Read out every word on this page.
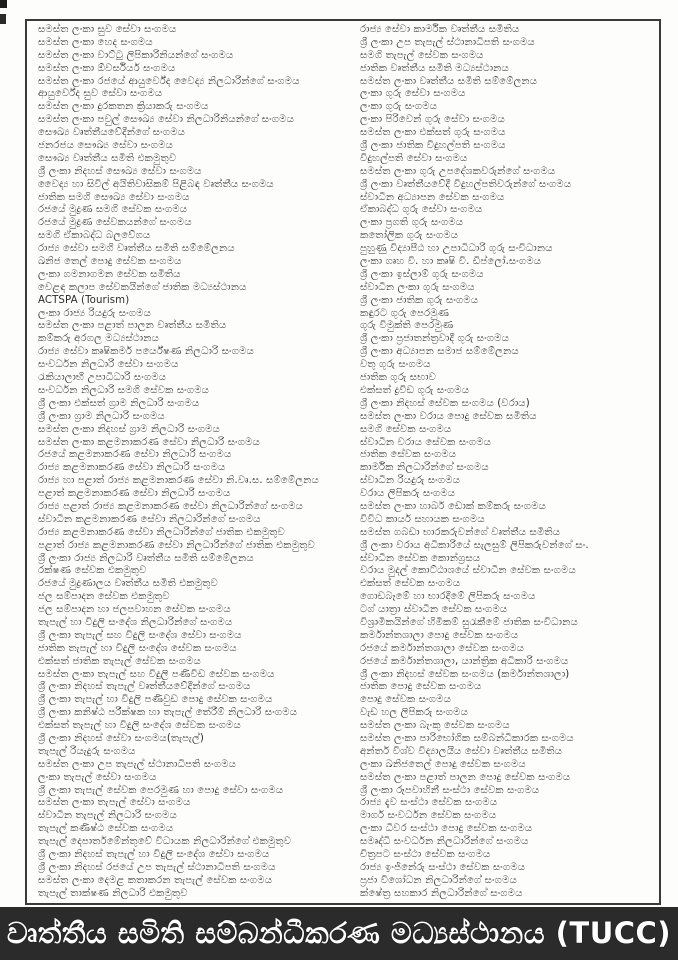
සමස්ත ලංකා සුව සේවා සංගමය
සමස්ත ලංකා හෙද සංගමය
සමස්ත ලංකා වාට්ටු ලිපිකාරිනියන්ගේ සංගමය
සමස්ත ලංකා ඕවර්සියර් සංගමය
සමස්ත ලංකා රජයේ ආයුර්වේද වෛද්‍ය නිලධාරින්ගේ සංගමය
ආයුර්වේද සුව සේවා සංගමය
සමස්ත ලංකා දුරකතන ක්‍රියාකරු සංගමය
සමස්ත ලංකා පවුල් සෞඛ්‍ය සේවා නිලධාරිනියන්ගේ සංගමය
සෞඛ්‍ය වෘත්තීයවේදීන්ගේ සංගමය
ජනරජය සෞඛ්‍ය සේවා සංගමය
සෞඛ්‍ය වෘත්තීය සමිති එකමුතුව
ශ්‍රී ලංකා නිදහස් සෞඛ්‍ය සේවා සංගමය
වෛද්‍ය හා සිවිල් අයිතිවාසිකම් පිළිබඳ වෘත්තීය සංගමය
ජාතික සමගි සෞඛ්‍ය සේවා සංගමය
රජයේ මුද්‍රණ සමගි සේවක සංගමය
රජයේ මුද්‍රණ සේවකයන්ගේ සංගමය
සමගි ඒකාබද්ධ බලවේගය
රාජ්‍ය සේවා සමගි වෘත්තීය සමිති සම්මේලනය
ඛනිජ තෙල් පොදු සේවක සංගමය
ලංකා ගමනාගමන සේවක සමිතිය
වෙළඳ කලාප සේවකයින්ගේ ජාතික මධ්‍යස්ථානය
ACTSPA (Tourism)
ලංකා රාජ්‍ය රියදුරු සංගමය
සමස්ත ලංකා පළාත් පාලන වෘත්තීය සමිතිය
කම්කරු අරගල මධ්‍යස්ථානය
රාජ්‍ය සේවා කෘෂිකර්ම පර්යේෂණ නිලධාරි සංගමය
සංවර්ධන නිලධාරි සේවා සංගමය
රැකියාලාභී උපාධිධාරි සංගමය
සංවර්ධන නිලධාරි සමගි සේවක සංගමය
ශ්‍රී ලංකා එක්සත් ග්‍රාම නිලධාරි සංගමය
ශ්‍රී ලංකා ග්‍රාම නිලධාරි සංගමය
සමස්ත ලංකා නිදහස් ග්‍රාම නිලධාරි සංගමය
සමස්ත ලංකා කළමනාකරණ සේවා නිලධාරි සංගමය
රජයේ කළමනාකරණ සේවා නිලධාරි සංගමය
රාජ්‍ය කළමනාකරණ සේවා නිලධාරි සංගමය
රාජ්‍ය හා පළාත් රාජ්‍ය කළමනාකරණ සේවා නි.වෘ.ස. සම්මේලනය
පළාත් කළමනාකරණ සේවා නිලධාරි සංගමය
රාජ්‍ය පළාත් රාජ්‍ය කළමනාකරණ සේවා නිලධාරින්ගේ සංගමය
ස්වාධීන කළමනාකරණ සේවා නිලධාරින්ගේ සංගමය
රාජ්‍ය කළමනාකරණ සේවා නිලධාරින්ගේ ජාතික එකමුතුව
පළාත් රාජ්‍ය කළමනාකරණ සේවා නිලධාරින්ගේ ජාතික එකමුතුව
ශ්‍රී ලංකා රාජ්‍ය නිලධාරි වෘත්තීය සමිති සම්මේලනය
රක්ෂණ සේවක එකමුතුව
රජයේ මුද්‍රණාලය වෘත්තීය සමිති එකමුතුව
ජල සම්පාදන සේවක එකමුතුව
ජල සම්පාදන හා ජලපවාහන සේවක සංගමය
තැපැල් හා විදුලි සංදේශ නිලධාරින්ගේ සංගමය
ශ්‍රී ලංකා තැපැල් සහ විදුලි සංදේශ සේවා සංගමය
ජාතික තැපැල් හා විදුලි සංදේශ සේවක සංගමය
එක්සත් ජාතික තැපැල් සේවක සංගමය
සමස්ත ලංකා තැපැල් සහ විදුලි පණිවිඩ සේවක සංගමය
ශ්‍රී ලංකා නිදහස් තැපැල් වෘත්තීයවේදීන්ගේ සංගමය
ශ්‍රී ලංකා තැපැල් හා විදුලි පණිවුඩ පොදු සේවක සංගමය
ශ්‍රී ලංකා කනිෂ්ඨ පරීක්ෂක හා තැපැල් තේරීම් නිලධාරි සංගමය
එක්සත් තැපැල් හා විදුලි සංදේශ සේවක සංගමය
ශ්‍රී ලංකා නිදහස් සේවා සංගමය(තැපැල්)
තැපැල් රියැදුරු සංගමය
සමස්ත ලංකා උප තැපැල් ස්ථානාධිපති සංගමය
ලංකා තැපැල් සේවා සංගමය
ශ්‍රී ලංකා තැපැල් සේවක පෙරමුණ හා පොදු සේවා සංගමය
සමස්ත ලංකා තැපැල් සේවා සංගමය
ස්වාධීන තැපැල් නිලධාරි සංගමය
තැපැල් කණිෂ්ඨ සේවක සංගමය
තැපැල් දෙපාර්තමේන්තුවේ විධායක නිලධාරින්ගේ එකමුතුව
ශ්‍රී ලංකා නිදහස් තැපැල් හා විදුලි සංදේශ සේවා සංගමය
ශ්‍රී ලංකා නිදහස් රජයේ උප තැපැල් ස්ථානාධිපති සංගමය
සමස්ත ලංකා දෙමළ කතාකරන තැපැල් සේවක සංගමය
තැපැල් තාක්ෂණ නිලධාරි එකමුතුව
රාජ්‍ය සේවා කාර්මික වෘත්තීය සමිතිය
ශ්‍රී ලංකා උප තැපැල් ස්ථානාධිපති සංගමය
සමගි තැපැල් සේවක සංගමය
ජාතික වෘත්තීය සමිති මධ්‍යස්ථානය
සමස්ත ලංකා වෘත්තීය සමිති සම්මේලනය
ලංකා ගුරු සේවා සංගමය
ලංකා ගුරු සංගමය
ලංකා පිරිවෙන් ගුරු සේවා සංගමය
සමස්ත ලංකා එක්සත් ගුරු සංගමය
ශ්‍රී ලංකා ජාතික විදුහල්පති සංගමය
විදුහල්පති සේවා සංගමය
සමස්ත ලංකා ගුරු උපදේශකවරුන්ගේ සංගමය
ශ්‍රී ලංකා වෘත්තීයවේදී විදුහල්පතිවරුන්ගේ සංගමය
ස්වාධීන අධ්‍යාපන සේවක සංගමය
ඒකාබද්ධ ගුරු සේවා සංගමය
ලංකා ප්‍රගති ගුරු සංගමය
කතෝලික ගුරු සංගමය
පුහුණු විද්‍යාපීඨ හා උපාධිධාරි ගුරු සංවිධානය
ලංකා ගෘහ වි. හා කෘෂි වි. ඩිප්ලෝ.සංගමය
ශ්‍රී ලංකා ඉස්ලාම් ගුරු සංගමය
ස්වාධීන ලංකා ගුරු සංගමය
ශ්‍රී ලංකා ජාතික ගුරු සංගමය
කඳුරට ගුරු පෙරමුණ
ගුරු විමුක්ති පෙරමුණ
ශ්‍රී ලංකා ප්‍රජාතන්ත්‍රවාදී ගුරු සංගමය
ශ්‍රී ලංකා අධ්‍යාපන සමාජ සම්මේලනය
වතු ගුරු සංගමය
ජාතික ගුරු සභාව
එක්සත් ද්‍රවිඩ ගුරු සංගමය
ශ්‍රී ලංකා නිදහස් සේවක සංගමය (වරාය)
සමස්ත ලංකා වරාය පොදු සේවක සමිතිය
සමගි සේවක සංගමය
ස්වාධීන වරාය සේවක සංගමය
ජාතික සේවක සංගමය
කාර්මික නිලධාරින්ගේ සංගමය
ස්වාධීන රියදුරු සංගමය
වරාය ලිපිකරු සංගමය
සමස්ත ලංකා හාබර් ඩොක් කම්කරු සංගමය
විවිධ කාර්ය සහායක සංගමය
සමස්ත ගබඩා භාරකරුවන්ගේ වෘත්තීය සමිතිය
ශ්‍රී ලංකා වරාය අධිකාරියේ සැලසුම් ලිපිකරුවන්ගේ සං.
ස්වාධීන සේවක කොන්ග්‍රසය
වරාය මුදල් කොට්ඨාශයේ ස්වාධීන සේවක සංගමය
එක්සත් සේවක සංගමය
ගොඩබෑමේ හා භාරදීමේ ලිපිකරු සංගමය
ටග් යාත්‍රා ස්වාධීන සේවක සංගමය
විශ්‍රාමිකයින්ගේ හිමිකම් සුරැකීමේ ජාතික සංවිධානය
කර්මාන්තශාලා පොදු සේවක සංගමය
රජයේ කර්මාන්තශාලා සේවක සංගමය
රජයේ කර්මාන්තශාලා, යාන්ත්‍රික අධිකාරි සංගමය
ශ්‍රී ලංකා නිදහස් සේවක සංගමය (කර්මාන්තශාලා)
ජාතික පොදු සේවක සංගමය
පොදු සේවක සංගමය
වැඩ හල ලිපිකරු සංගමය
සමස්ත ලංකා බැංකු සේවක සංගමය
සමස්ත ලංකා පාරිභෝගික සම්බන්ධීකාරක සංගමය
අන්තර් විශ්ව විද්‍යාලයීය සේවා වෘත්තීය සමිතිය
ලංකා ඛනිජතෙල් පොදු සේවක සංගමය
සමස්ත ලංකා පළාත් පාලන පොදු සේවක සංගමය
ශ්‍රී ලංකා රූපවාහිනී සංස්ථා සේවක සංගමය
රාජ්‍ය දැව සංස්ථා සේවක සංගමය
මාර්ග සංවර්ධන සේවක සංගමය
ලංකා ධීවර සංස්ථා පොදු සේවක සංගමය
සමෘද්ධි සංවර්ධන නිලධාරින්ගේ සංගමය
චිත්‍රපට සංස්ථා සේවක සංගමය
රාජ්‍ය ඉංජිනේරු සංස්ථා සේවක සංගමය
ප්‍රජා විශෝධන නිලධාරින්ගේ සංගමය
ක්ෂේත්‍ර සහකාර නිලධාරින්ගේ සංගමය
වෘත්තීය සමිති සම්බන්ධීකරණ මධ්‍යස්ථානය (TUCC)
